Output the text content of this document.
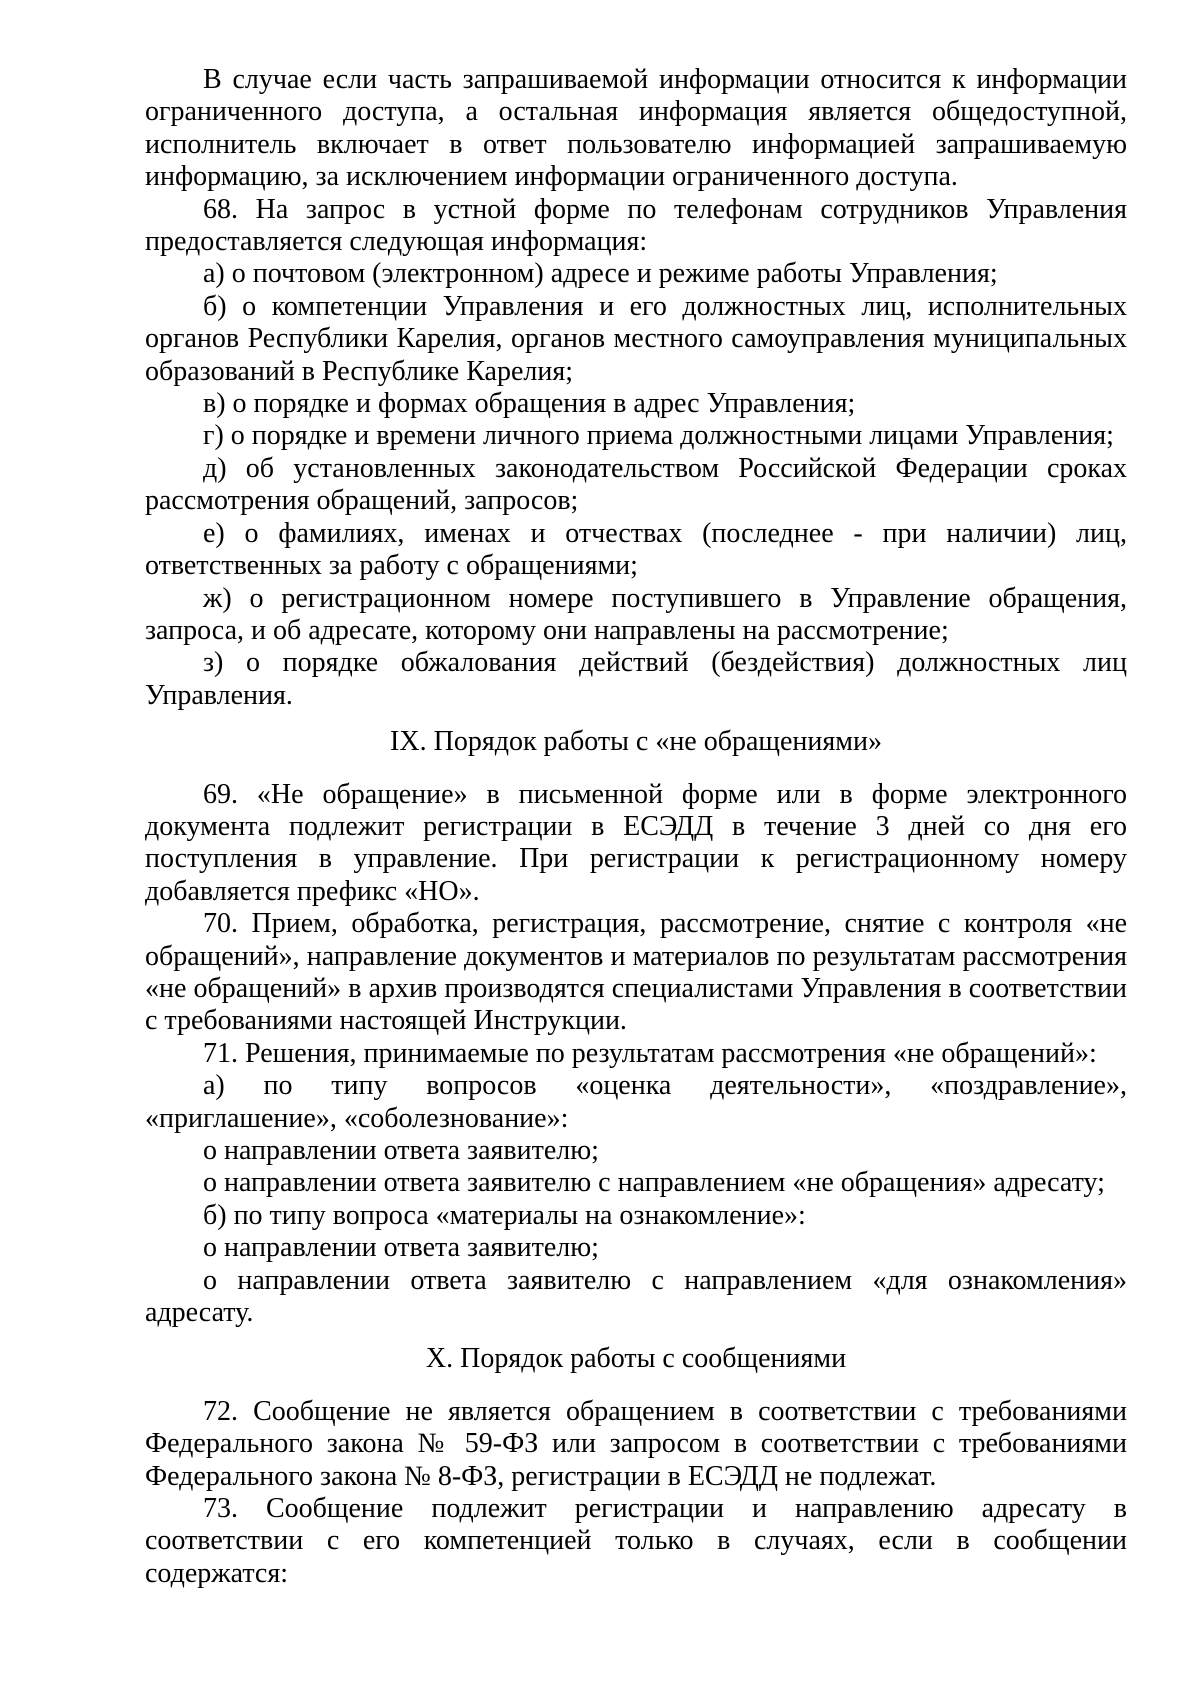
В случае если часть запрашиваемой информации относится к информации ограниченного доступа, а остальная информация является общедоступной, исполнитель включает в ответ пользователю информацией запрашиваемую информацию, за исключением информации ограниченного доступа.

68. На запрос в устной форме по телефонам сотрудников Управления предоставляется следующая информация:

а) о почтовом (электронном) адресе и режиме работы Управления;

б) о компетенции Управления и его должностных лиц, исполнительных органов Республики Карелия, органов местного самоуправления муниципальных образований в Республике Карелия;

в) о порядке и формах обращения в адрес Управления;

г) о порядке и времени личного приема должностными лицами Управления;

д) об установленных законодательством Российской Федерации сроках рассмотрения обращений, запросов;

е) о фамилиях, именах и отчествах (последнее - при наличии) лиц, ответственных за работу с обращениями;

ж) о регистрационном номере поступившего в Управление обращения, запроса, и об адресате, которому они направлены на рассмотрение;

з) о порядке обжалования действий (бездействия) должностных лиц Управления.

IX. Порядок работы с «не обращениями»

69. «Не обращение» в письменной форме или в форме электронного документа подлежит регистрации в ЕСЭДД в течение 3 дней со дня его поступления в управление. При регистрации к регистрационному номеру добавляется префикс «НО».

70. Прием, обработка, регистрация, рассмотрение, снятие с контроля «не обращений», направление документов и материалов по результатам рассмотрения «не обращений» в архив производятся специалистами Управления в соответствии с требованиями настоящей Инструкции.

71. Решения, принимаемые по результатам рассмотрения «не обращений»:

а) по типу вопросов «оценка деятельности», «поздравление», «приглашение», «соболезнование»:

о направлении ответа заявителю;

о направлении ответа заявителю с направлением «не обращения» адресату;

б) по типу вопроса «материалы на ознакомление»:

о направлении ответа заявителю;

о направлении ответа заявителю с направлением «для ознакомления» адресату.

X. Порядок работы с сообщениями

72. Сообщение не является обращением в соответствии с требованиями Федерального закона № 59-ФЗ или запросом в соответствии с требованиями Федерального закона № 8-ФЗ, регистрации в ЕСЭДД не подлежат.

73. Сообщение подлежит регистрации и направлению адресату в соответствии с его компетенцией только в случаях, если в сообщении содержатся:
